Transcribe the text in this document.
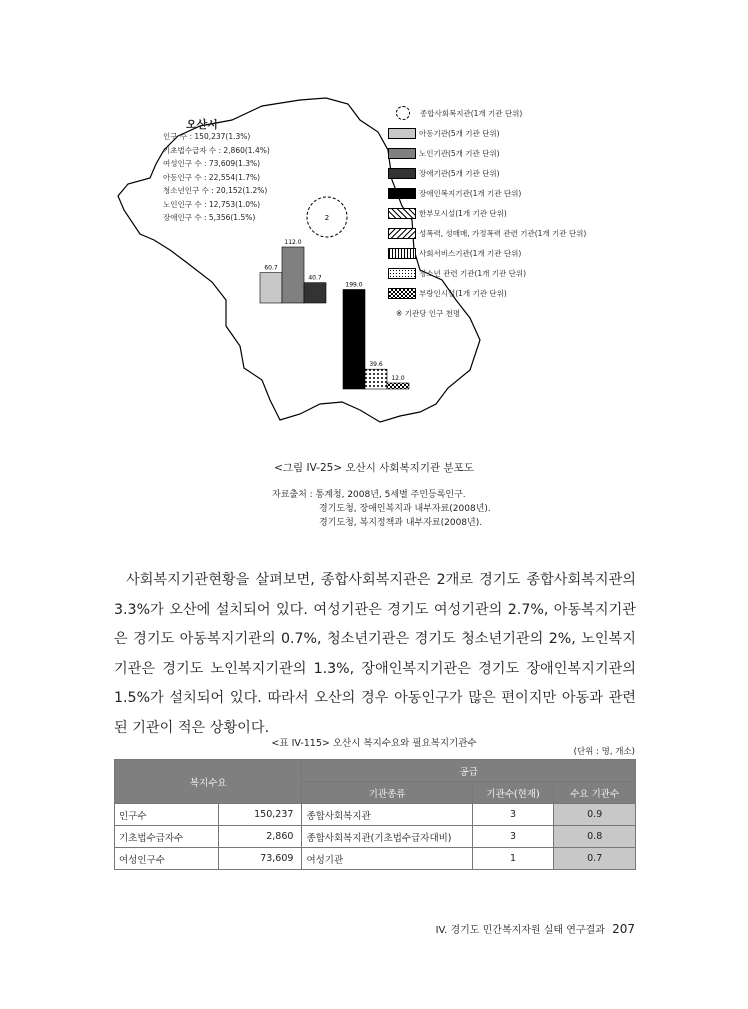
2
60.7
112.0
40.7
199.0
39.6
12.0
오산시
인구 수 : 150,237(1.3%)
기초법수급자 수 : 2,860(1.4%)
여성인구 수 : 73,609(1.3%)
아동인구 수 : 22,554(1.7%)
청소년인구 수 : 20,152(1.2%)
노인인구 수 : 12,753(1.0%)
장애인구 수 : 5,356(1.5%)
종합사회복지관(1개 기관 단위)
아동기관(5개 기관 단위)
노인기관(5개 기관 단위)
장애기관(5개 기관 단위)
장애인복지기관(1개 기관 단위)
한부모시설(1개 기관 단위)
성폭력, 성매매, 가정폭력 관련 기관(1개 기관 단위)
사회서비스기관(1개 기관 단위)
청소년 관련 기관(1개 기관 단위)
부랑인시설(1개 기관 단위)
※ 기관당 인구 천명
<그림 IV-25> 오산시 사회복지기관 분포도
자료출처 : 통계청, 2008년, 5세별 주민등록인구.
경기도청, 장애인복지과 내부자료(2008년).
경기도청, 복지정책과 내부자료(2008년).

사회복지기관현황을 살펴보면, 종합사회복지관은 2개로 경기도 종합사회복지관의 3.3%가 오산에 설치되어 있다. 여성기관은 경기도 여성기관의 2.7%, 아동복지기관은 경기도 아동복지기관의 0.7%, 청소년기관은 경기도 청소년기관의 2%, 노인복지기관은 경기도 노인복지기관의 1.3%, 장애인복지기관은 경기도 장애인복지기관의 1.5%가 설치되어 있다. 따라서 오산의 경우 아동인구가 많은 편이지만 아동과 관련된 기관이 적은 상황이다.

<표 IV-115> 오산시 복지수요와 필요복지기관수
(단위 : 명, 개소)
복지수요		공급		
		기관종류	기관수(현재)	수요 기관수
인구수	150,237	종합사회복지관	3	0.9
기초법수급자수	2,860	종합사회복지관(기초법수급자대비)	3	0.8
여성인구수	73,609	여성기관	1	0.7
IV. 경기도 민간복지자원 실태 연구결과 207
